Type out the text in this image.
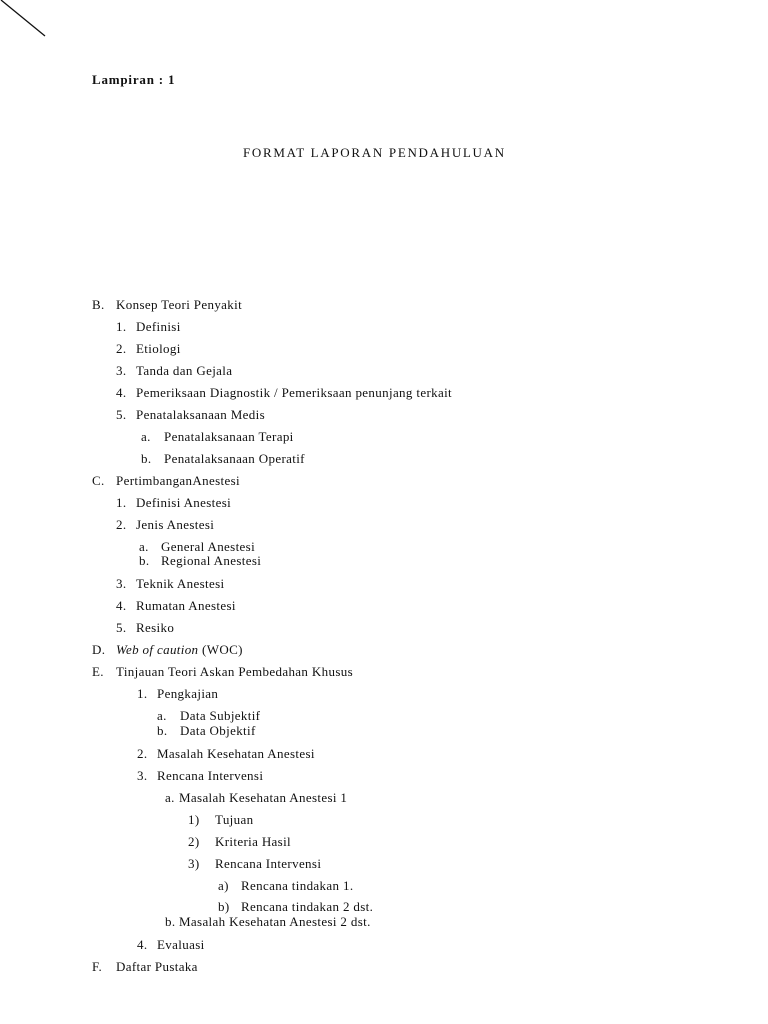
Lampiran : 1
FORMAT LAPORAN PENDAHULUAN
B. Konsep Teori Penyakit
1. Definisi
2. Etiologi
3. Tanda dan Gejala
4. Pemeriksaan Diagnostik / Pemeriksaan penunjang terkait
5. Penatalaksanaan Medis
a. Penatalaksanaan Terapi
b. Penatalaksanaan Operatif
C. PertimbanganAnestesi
1. Definisi Anestesi
2. Jenis Anestesi
a. General Anestesi
b. Regional Anestesi
3. Teknik Anestesi
4. Rumatan Anestesi
5. Resiko
D. Web of caution (WOC)
E. Tinjauan Teori Askan Pembedahan Khusus
1. Pengkajian
a. Data Subjektif
b. Data Objektif
2. Masalah Kesehatan Anestesi
3. Rencana Intervensi
a. Masalah Kesehatan Anestesi 1
1) Tujuan
2) Kriteria Hasil
3) Rencana Intervensi
a) Rencana tindakan 1.
b) Rencana tindakan 2 dst.
b. Masalah Kesehatan Anestesi 2 dst.
4. Evaluasi
F. Daftar Pustaka
